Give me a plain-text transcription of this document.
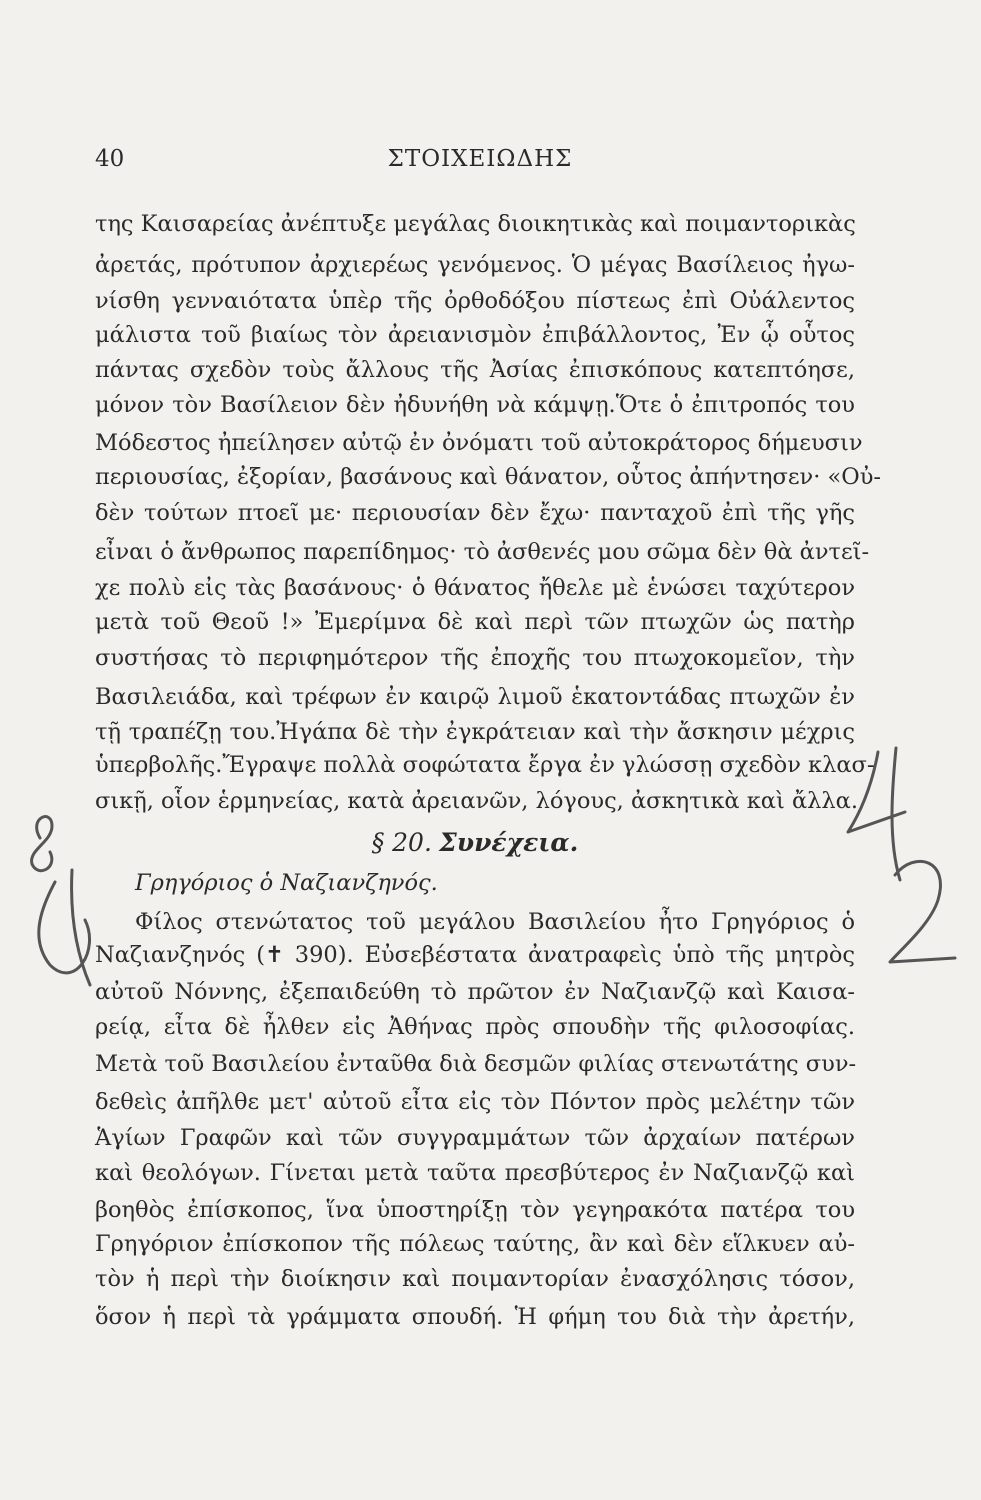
40	ΣΤΟΙΧΕΙΩΔΗΣ
της Καισαρείας ἀνέπτυξε μεγάλας διοικητικὰς καὶ ποιμαντορικὰς
ἀρετάς, πρότυπον ἀρχιερέως γενόμενος. Ὁ μέγας Βασίλειος ἠγω-
νίσθη γενναιότατα ὑπὲρ τῆς ὀρθοδόξου πίστεως ἐπὶ Οὐάλεντος
μάλιστα τοῦ βιαίως τὸν ἀρειανισμὸν ἐπιβάλλοντος, Ἐν ᾧ οὗτος
πάντας σχεδὸν τοὺς ἄλλους τῆς Ἀσίας ἐπισκόπους κατεπτόησε,
μόνον τὸν Βασίλειον δὲν ἠδυνήθη νὰ κάμψῃ.Ὅτε ὁ ἐπιτροπός του
Μόδεστος ἠπείλησεν αὐτῷ ἐν ὀνόματι τοῦ αὐτοκράτορος δήμευσιν
περιουσίας, ἐξορίαν, βασάνους καὶ θάνατον, οὗτος ἀπήντησεν· «Οὐ-
δὲν τούτων πτοεῖ με· περιουσίαν δὲν ἔχω· πανταχοῦ ἐπὶ τῆς γῆς
εἶναι ὁ ἄνθρωπος παρεπίδημος· τὸ ἀσθενές μου σῶμα δὲν θὰ ἀντεῖ-
χε πολὺ εἰς τὰς βασάνους· ὁ θάνατος ἤθελε μὲ ἑνώσει ταχύτερον
μετὰ τοῦ Θεοῦ !» Ἐμερίμνα δὲ καὶ περὶ τῶν πτωχῶν ὡς πατὴρ
συστήσας τὸ περιφημότερον τῆς ἐποχῆς του πτωχοκομεῖον, τὴν
Βασιλειάδα, καὶ τρέφων ἐν καιρῷ λιμοῦ ἑκατοντάδας πτωχῶν ἐν
τῇ τραπέζῃ του.Ἠγάπα δὲ τὴν ἐγκράτειαν καὶ τὴν ἄσκησιν μέχρις
ὑπερβολῆς.Ἔγραψε πολλὰ σοφώτατα ἔργα ἐν γλώσσῃ σχεδὸν κλασ-
σικῇ, οἷον ἑρμηνείας, κατὰ ἀρειανῶν, λόγους, ἀσκητικὰ καὶ ἄλλα.
§ 20. Συνέχεια.
Γρηγόριος ὁ Ναζιανζηνός.
Φίλος στενώτατος τοῦ μεγάλου Βασιλείου ἦτο Γρηγόριος ὁ
Ναζιανζηνός (✝ 390). Εὐσεβέστατα ἀνατραφεὶς ὑπὸ τῆς μητρὸς
αὐτοῦ Νόννης, ἐξεπαιδεύθη τὸ πρῶτον ἐν Ναζιανζῷ καὶ Καισα-
ρείᾳ, εἶτα δὲ ἦλθεν εἰς Ἀθήνας πρὸς σπουδὴν τῆς φιλοσοφίας.
Μετὰ τοῦ Βασιλείου ἐνταῦθα διὰ δεσμῶν φιλίας στενωτάτης συν-
δεθεὶς ἀπῆλθε μετ' αὐτοῦ εἶτα εἰς τὸν Πόντον πρὸς μελέτην τῶν
Ἁγίων Γραφῶν καὶ τῶν συγγραμμάτων τῶν ἀρχαίων πατέρων
καὶ θεολόγων. Γίνεται μετὰ ταῦτα πρεσβύτερος ἐν Ναζιανζῷ καὶ
βοηθὸς ἐπίσκοπος, ἵνα ὑποστηρίξῃ τὸν γεγηρακότα πατέρα του
Γρηγόριον ἐπίσκοπον τῆς πόλεως ταύτης, ἂν καὶ δὲν εἵλκυεν αὐ-
τὸν ἡ περὶ τὴν διοίκησιν καὶ ποιμαντορίαν ἐνασχόλησις τόσον,
ὅσον ἡ περὶ τὰ γράμματα σπουδή. Ἡ φήμη του διὰ τὴν ἀρετήν,
